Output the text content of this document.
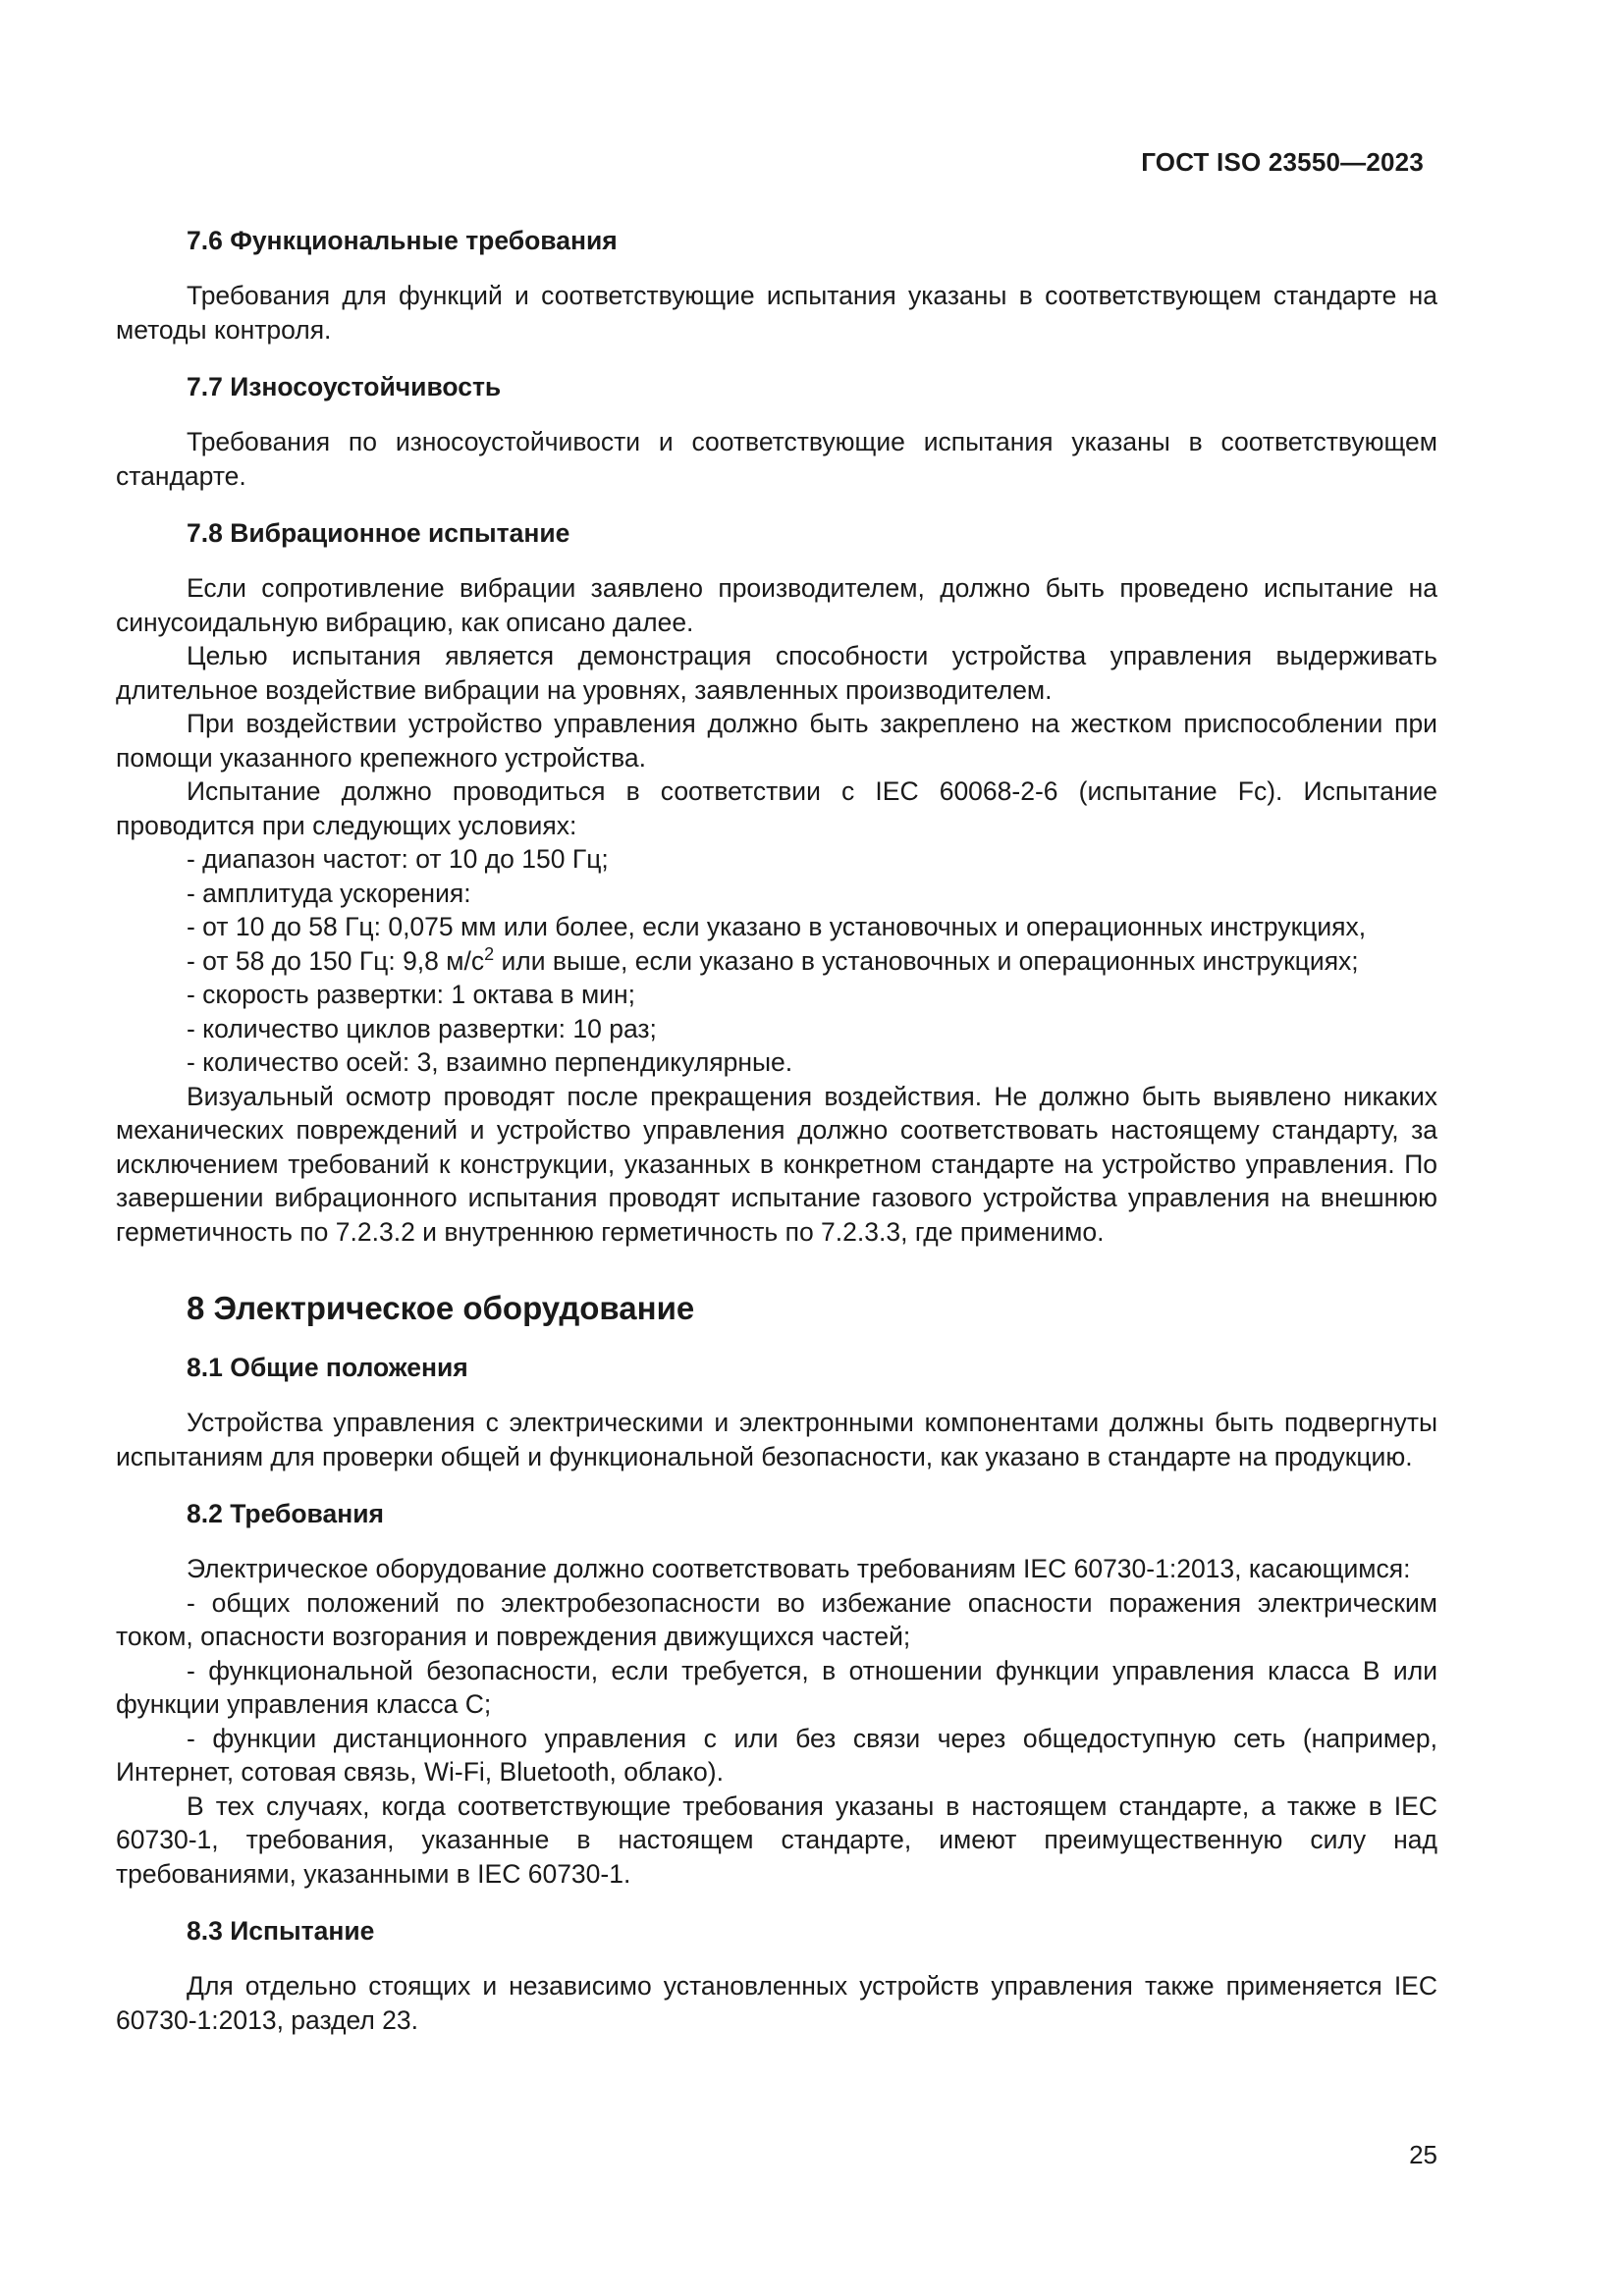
ГОСТ ISO 23550—2023
7.6 Функциональные требования

Требования для функций и соответствующие испытания указаны в соответствующем стандарте на методы контроля.

7.7 Износоустойчивость

Требования по износоустойчивости и соответствующие испытания указаны в соответствующем стандарте.

7.8 Вибрационное испытание

Если сопротивление вибрации заявлено производителем, должно быть проведено испытание на синусоидальную вибрацию, как описано далее.

Целью испытания является демонстрация способности устройства управления выдерживать длительное воздействие вибрации на уровнях, заявленных производителем.

При воздействии устройство управления должно быть закреплено на жестком приспособлении при помощи указанного крепежного устройства.

Испытание должно проводиться в соответствии с IEC 60068-2-6 (испытание Fc). Испытание проводится при следующих условиях:

- диапазон частот: от 10 до 150 Гц;

- амплитуда ускорения:

- от 10 до 58 Гц: 0,075 мм или более, если указано в установочных и операционных инструкциях,

- от 58 до 150 Гц: 9,8 $м/с^2$ или выше, если указано в установочных и операционных инструкциях;

- скорость развертки: 1 октава в мин;

- количество циклов развертки: 10 раз;

- количество осей: 3, взаимно перпендикулярные.

Визуальный осмотр проводят после прекращения воздействия. Не должно быть выявлено никаких механических повреждений и устройство управления должно соответствовать настоящему стандарту, за исключением требований к конструкции, указанных в конкретном стандарте на устройство управления. По завершении вибрационного испытания проводят испытание газового устройства управления на внешнюю герметичность по 7.2.3.2 и внутреннюю герметичность по 7.2.3.3, где применимо.

8 Электрическое оборудование
8.1 Общие положения

Устройства управления с электрическими и электронными компонентами должны быть подвергнуты испытаниям для проверки общей и функциональной безопасности, как указано в стандарте на продукцию.

8.2 Требования

Электрическое оборудование должно соответствовать требованиям IEC 60730-1:2013, касающимся:

- общих положений по электробезопасности во избежание опасности поражения электрическим током, опасности возгорания и повреждения движущихся частей;

- функциональной безопасности, если требуется, в отношении функции управления класса B или функции управления класса C;

- функции дистанционного управления с или без связи через общедоступную сеть (например, Интернет, сотовая связь, Wi-Fi, Bluetooth, облако).

В тех случаях, когда соответствующие требования указаны в настоящем стандарте, а также в IEC 60730-1, требования, указанные в настоящем стандарте, имеют преимущественную силу над требованиями, указанными в IEC 60730-1.

8.3 Испытание

Для отдельно стоящих и независимо установленных устройств управления также применяется IEC 60730-1:2013, раздел 23.

25
